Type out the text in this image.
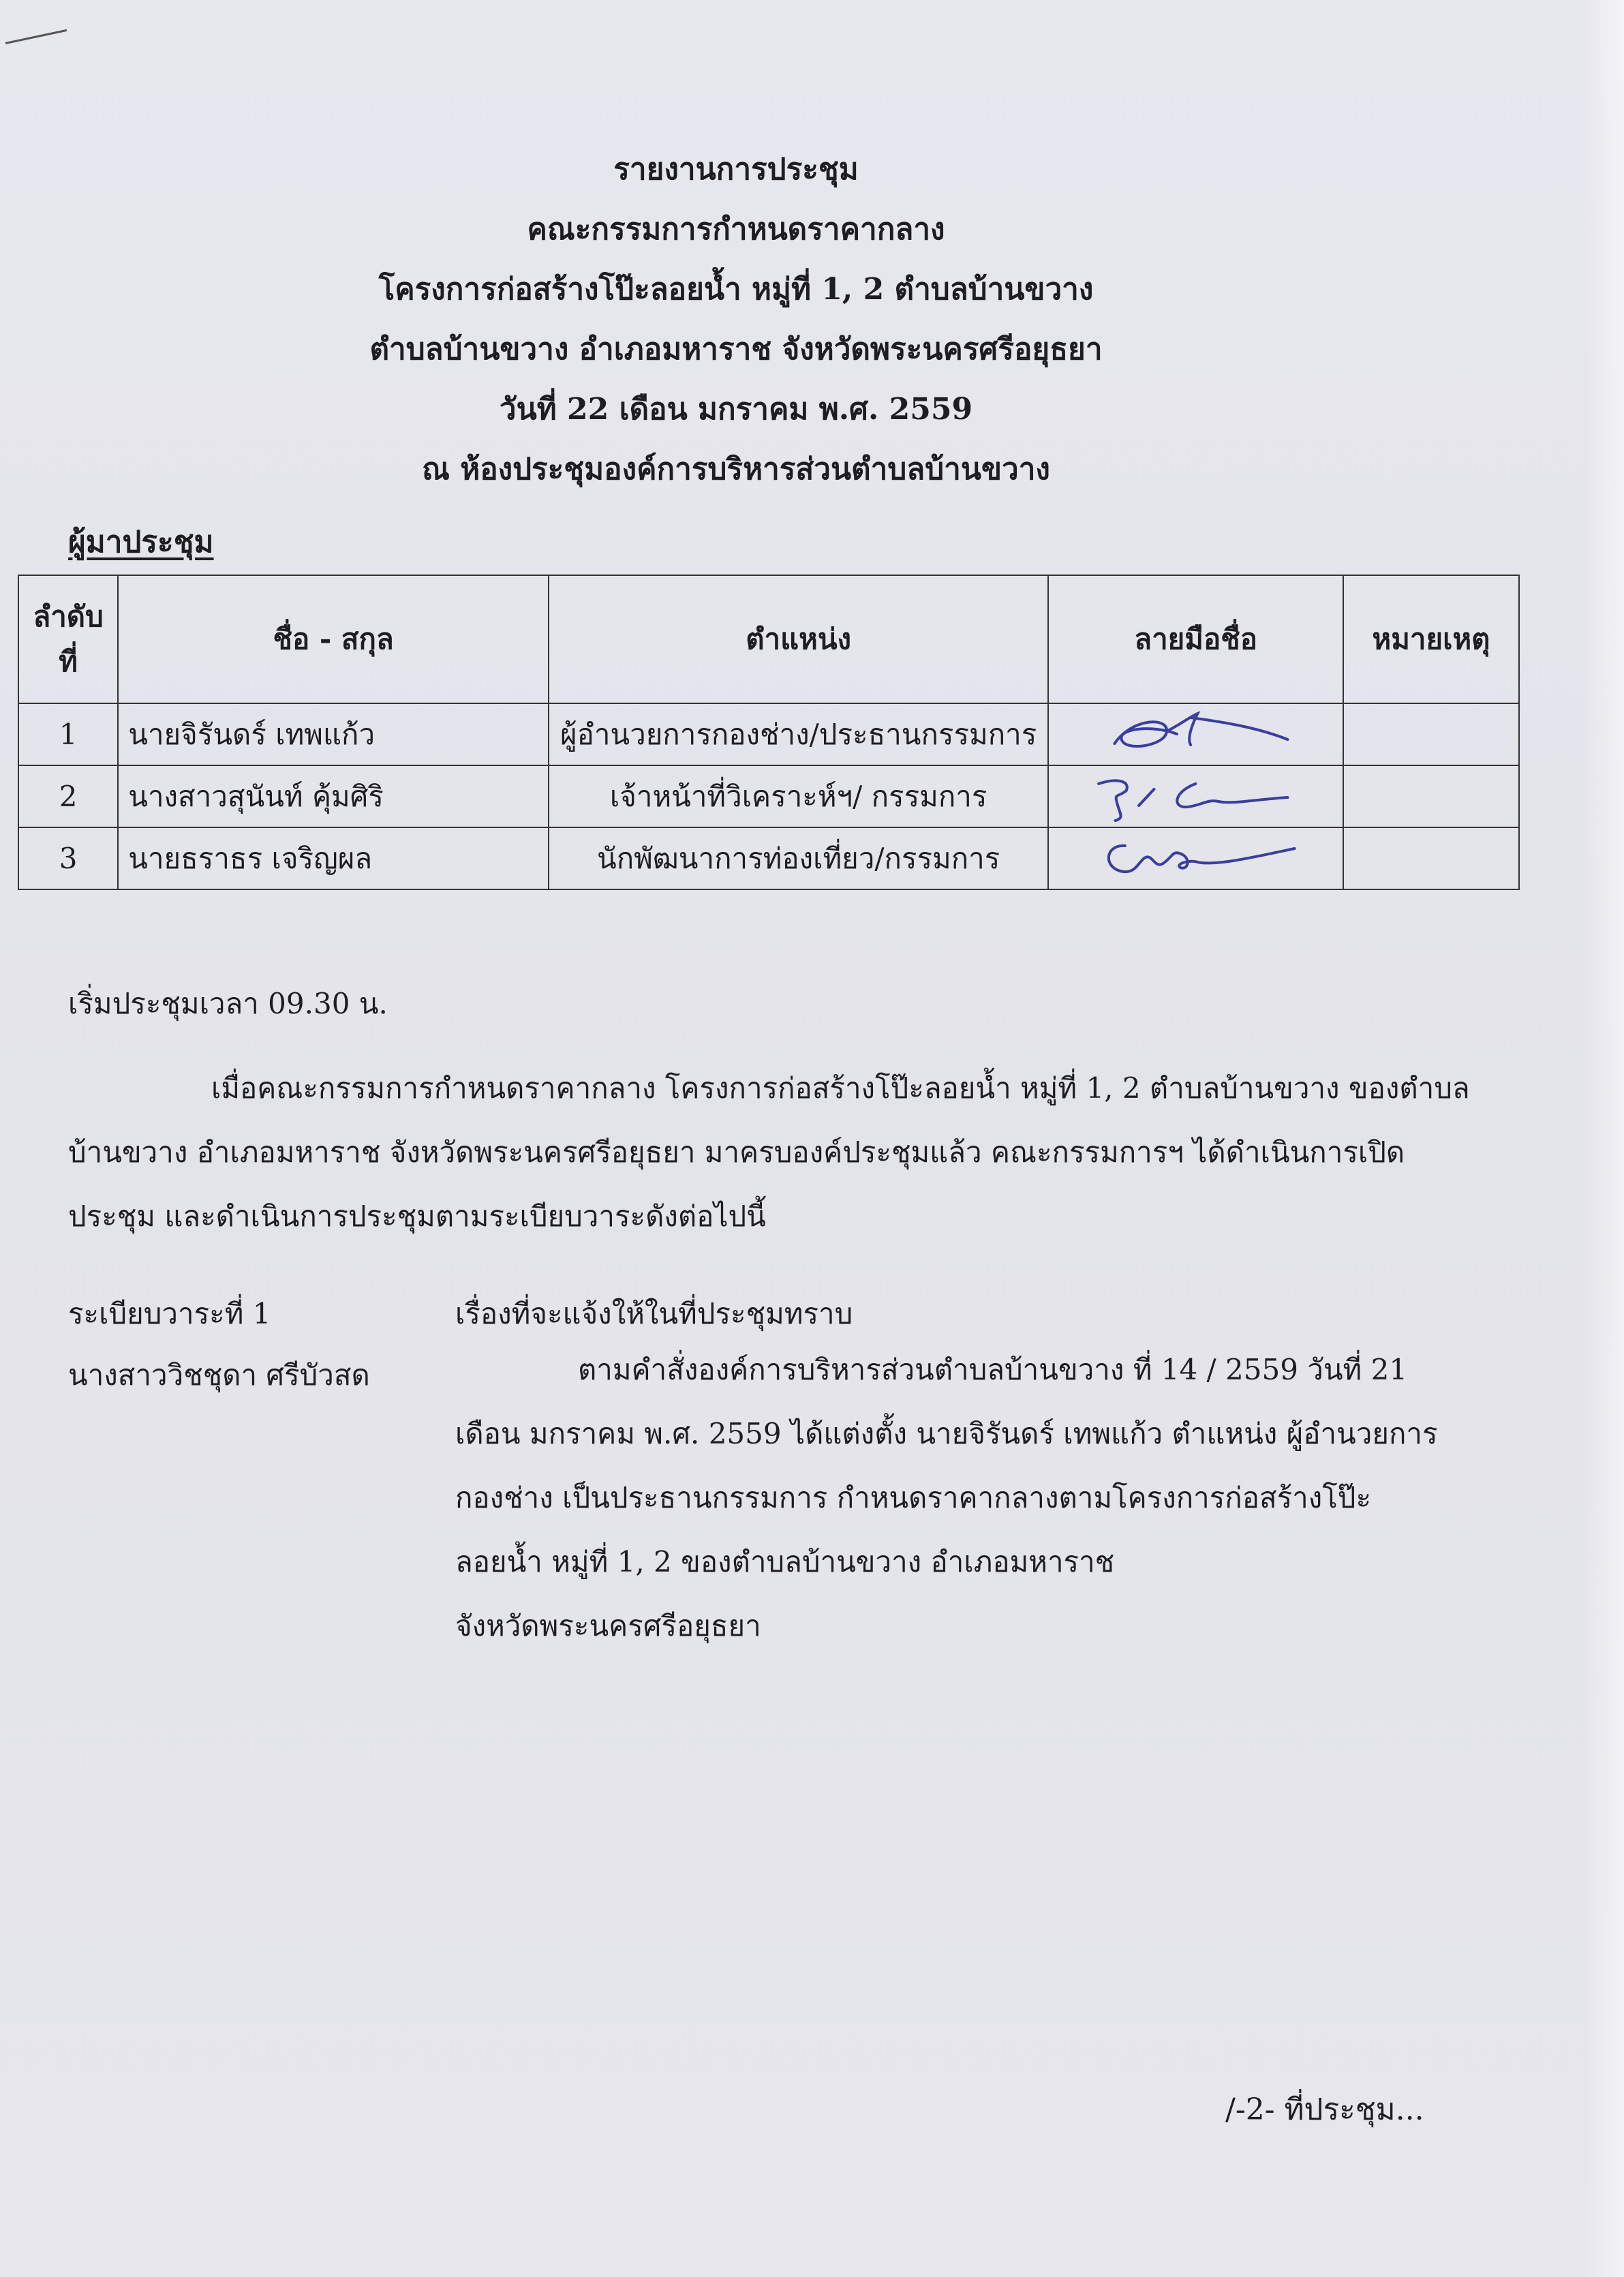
รายงานการประชุม
คณะกรรมการกำหนดราคากลาง
โครงการก่อสร้างโป๊ะลอยน้ำ หมู่ที่ 1, 2 ตำบลบ้านขวาง
ตำบลบ้านขวาง อำเภอมหาราช จังหวัดพระนครศรีอยุธยา
วันที่ 22 เดือน มกราคม พ.ศ. 2559
ณ ห้องประชุมองค์การบริหารส่วนตำบลบ้านขวาง
ผู้มาประชุม
ลำดับ
ที่	ชื่อ - สกุล	ตำแหน่ง	ลายมือชื่อ	หมายเหตุ
1	นายจิรันดร์ เทพแก้ว	ผู้อำนวยการกองช่าง/ประธานกรรมการ	

2	นางสาวสุนันท์ คุ้มศิริ	เจ้าหน้าที่วิเคราะห์ฯ/ กรรมการ	

3	นายธราธร เจริญผล	นักพัฒนาการท่องเที่ยว/กรรมการ	

เริ่มประชุมเวลา 09.30 น.
เมื่อคณะกรรมการกำหนดราคากลาง โครงการก่อสร้างโป๊ะลอยน้ำ หมู่ที่ 1, 2 ตำบลบ้านขวาง ของตำบล
บ้านขวาง อำเภอมหาราช จังหวัดพระนครศรีอยุธยา มาครบองค์ประชุมแล้ว คณะกรรมการฯ ได้ดำเนินการเปิด
ประชุม และดำเนินการประชุมตามระเบียบวาระดังต่อไปนี้
ระเบียบวาระที่ 1	เรื่องที่จะแจ้งให้ในที่ประชุมทราบ
นางสาววิชชุดา ศรีบัวสด	ตามคำสั่งองค์การบริหารส่วนตำบลบ้านขวาง ที่ 14 / 2559 วันที่ 21
เดือน มกราคม พ.ศ. 2559 ได้แต่งตั้ง นายจิรันดร์ เทพแก้ว ตำแหน่ง ผู้อำนวยการ
กองช่าง เป็นประธานกรรมการ กำหนดราคากลางตามโครงการก่อสร้างโป๊ะ
ลอยน้ำ หมู่ที่ 1, 2 ของตำบลบ้านขวาง อำเภอมหาราช
จังหวัดพระนครศรีอยุธยา
/-2- ที่ประชุม...
